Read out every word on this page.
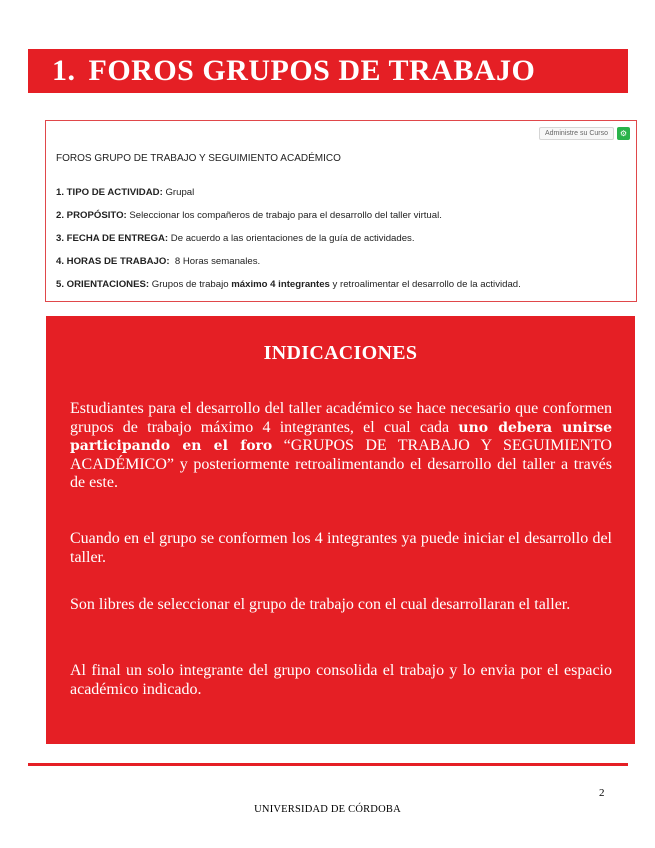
1. FOROS GRUPOS DE TRABAJO
Administre su Curso	⚙
FOROS GRUPO DE TRABAJO Y SEGUIMIENTO ACADÉMICO
1. TIPO DE ACTIVIDAD: Grupal
2. PROPÓSITO: Seleccionar los compañeros de trabajo para el desarrollo del taller virtual.
3. FECHA DE ENTREGA: De acuerdo a las orientaciones de la guía de actividades.
4. HORAS DE TRABAJO:  8 Horas semanales.
5. ORIENTACIONES: Grupos de trabajo máximo 4 integrantes y retroalimentar el desarrollo de la actividad.
INDICACIONES

Estudiantes para el desarrollo del taller académico se hace necesario que conformen grupos de trabajo máximo 4 integrantes, el cual cada uno debera unirse participando en el foro “GRUPOS DE TRABAJO Y SEGUIMIENTO ACADÉMICO” y posteriormente retroalimentando el desarrollo del taller a través de este.

Cuando en el grupo se conformen los 4 integrantes ya puede iniciar el desarrollo del taller.

Son libres de seleccionar el grupo de trabajo con el cual desarrollaran el taller.

Al final un solo integrante del grupo consolida el trabajo y lo envia por el espacio académico indicado.

2
UNIVERSIDAD DE CÓRDOBA
